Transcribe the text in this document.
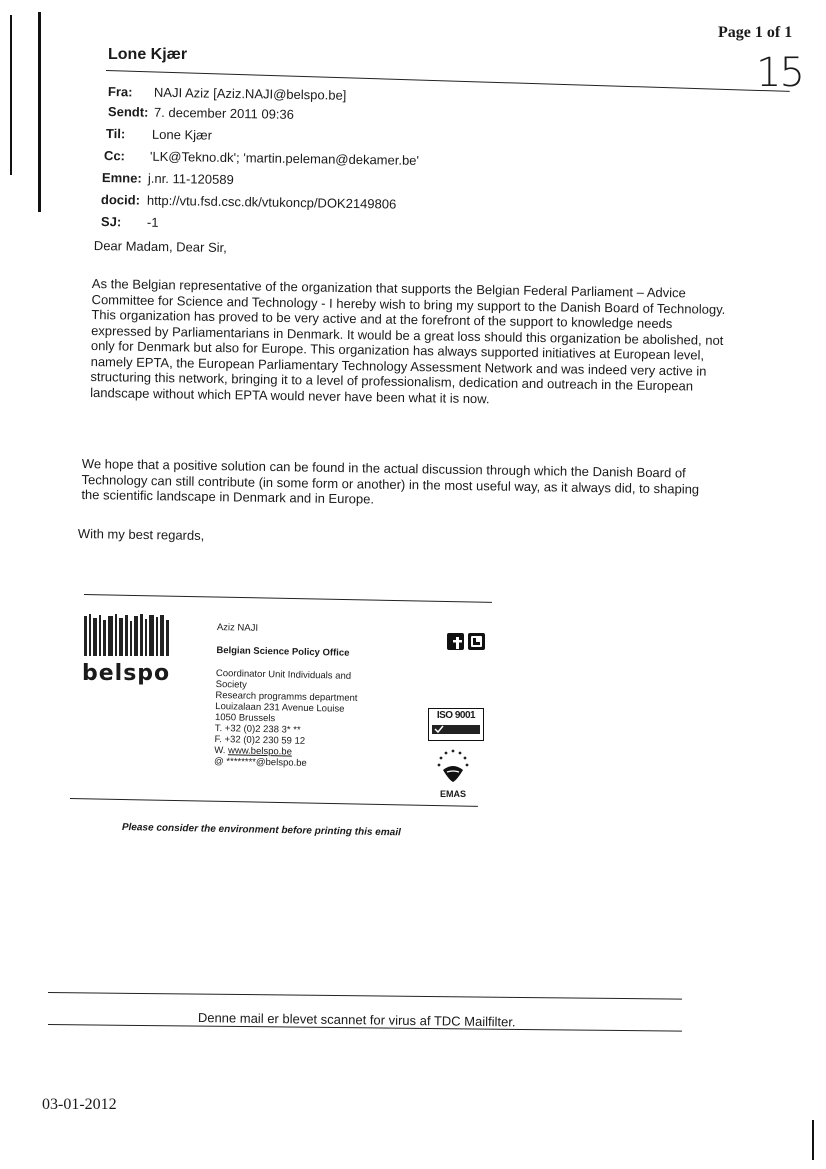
Page 1 of 1
15
Lone Kjær
Fra: NAJI Aziz [Aziz.NAJI@belspo.be]
Sendt: 7. december 2011 09:36
Til: Lone Kjær
Cc: 'LK@Tekno.dk'; 'martin.peleman@dekamer.be'
Emne: j.nr. 11-120589
docid: http://vtu.fsd.csc.dk/vtukoncp/DOK2149806
SJ: -1
Dear Madam, Dear Sir,
As the Belgian representative of the organization that supports the Belgian Federal Parliament – Advice Committee for Science and Technology - I hereby wish to bring my support to the Danish Board of Technology. This organization has proved to be very active and at the forefront of the support to knowledge needs expressed by Parliamentarians in Denmark. It would be a great loss should this organization be abolished, not only for Denmark but also for Europe. This organization has always supported initiatives at European level, namely EPTA, the European Parliamentary Technology Assessment Network and was indeed very active in structuring this network, bringing it to a level of professionalism, dedication and outreach in the European landscape without which EPTA would never have been what it is now.
We hope that a positive solution can be found in the actual discussion through which the Danish Board of Technology can still contribute (in some form or another) in the most useful way, as it always did, to shaping the scientific landscape in Denmark and in Europe.
With my best regards,
belspo
Aziz NAJI
Belgian Science Policy Office
Coordinator Unit Individuals and
Society
Research programms department
Louizalaan 231 Avenue Louise
1050 Brussels
T. +32 (0)2 238 3* **
F. +32 (0)2 230 59 12
W. www.belspo.be
@ ********@belspo.be
ISO 9001
EMAS
Please consider the environment before printing this email
Denne mail er blevet scannet for virus af TDC Mailfilter.
03-01-2012
